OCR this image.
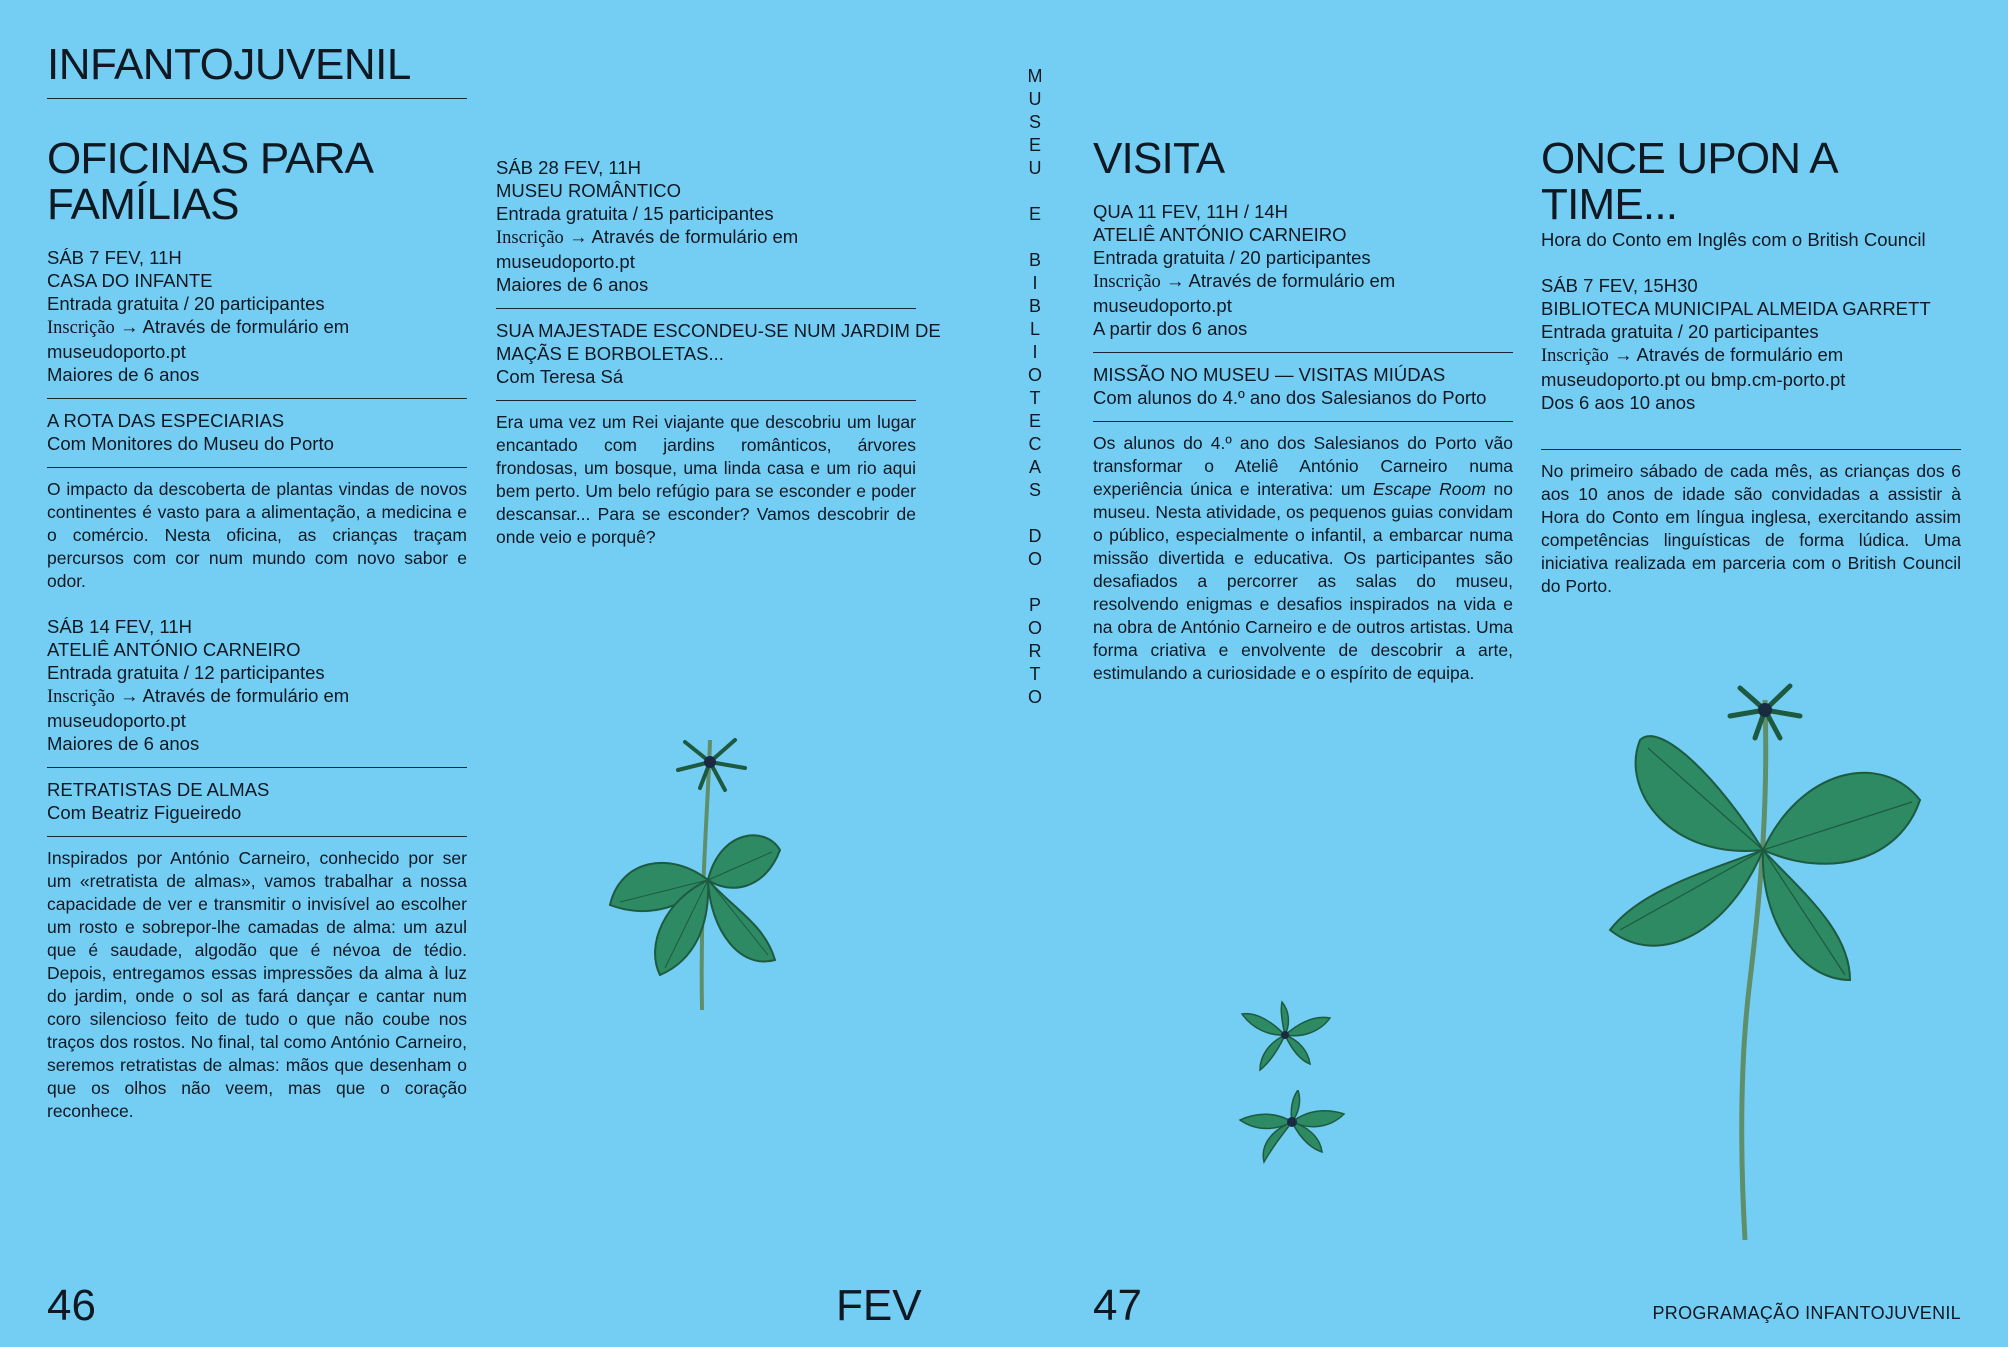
INFANTOJUVENIL
OFICINAS PARA
FAMÍLIAS
SÁB 7 FEV, 11H
CASA DO INFANTE
Entrada gratuita / 20 participantes
Inscrição → Através de formulário em
museudoporto.pt
Maiores de 6 anos
A ROTA DAS ESPECIARIAS
Com Monitores do Museu do Porto

O impacto da descoberta de plantas vindas de novos continentes é vasto para a alimentação, a medicina e o comércio. Nesta oficina, as crianças traçam percursos com cor num mundo com novo sabor e odor.

SÁB 14 FEV, 11H
ATELIÊ ANTÓNIO CARNEIRO
Entrada gratuita / 12 participantes
Inscrição → Através de formulário em
museudoporto.pt
Maiores de 6 anos
RETRATISTAS DE ALMAS
Com Beatriz Figueiredo

Inspirados por António Carneiro, conhecido por ser um «retratista de almas», vamos trabalhar a nossa capacidade de ver e transmitir o invisível ao escolher um rosto e sobrepor-lhe camadas de alma: um azul que é saudade, algodão que é névoa de tédio. Depois, entregamos essas impressões da alma à luz do jardim, onde o sol as fará dançar e cantar num coro silencioso feito de tudo o que não coube nos traços dos rostos. No final, tal como António Carneiro, seremos retratistas de almas: mãos que desenham o que os olhos não veem, mas que o coração reconhece.

SÁB 28 FEV, 11H
MUSEU ROMÂNTICO
Entrada gratuita / 15 participantes
Inscrição → Através de formulário em
museudoporto.pt
Maiores de 6 anos
SUA MAJESTADE ESCONDEU-SE NUM JARDIM DE
MAÇÃS E BORBOLETAS...
Com Teresa Sá

Era uma vez um Rei viajante que descobriu um lugar encantado com jardins românticos, árvores frondosas, um bosque, uma linda casa e um rio aqui bem perto. Um belo refúgio para se esconder e poder descansar... Para se esconder? Vamos descobrir de onde veio e porquê?

M
U
S
E
U
E
B
I
B
L
I
O
T
E
C
A
S
D
O
P
O
R
T
O
VISITA
QUA 11 FEV, 11H / 14H
ATELIÊ ANTÓNIO CARNEIRO
Entrada gratuita / 20 participantes
Inscrição → Através de formulário em
museudoporto.pt
A partir dos 6 anos
MISSÃO NO MUSEU — VISITAS MIÚDAS
Com alunos do 4.º ano dos Salesianos do Porto

Os alunos do 4.º ano dos Salesianos do Porto vão transformar o Ateliê António Carneiro numa experiência única e interativa: um Escape Room no museu. Nesta atividade, os pequenos guias convidam o público, especialmente o infantil, a embarcar numa missão divertida e educativa. Os participantes são desafiados a percorrer as salas do museu, resolvendo enigmas e desafios inspirados na vida e na obra de António Carneiro e de outros artistas. Uma forma criativa e envolvente de descobrir a arte, estimulando a curiosidade e o espírito de equipa.

ONCE UPON A TIME...
Hora do Conto em Inglês com o British Council
SÁB 7 FEV, 15H30
BIBLIOTECA MUNICIPAL ALMEIDA GARRETT
Entrada gratuita / 20 participantes
Inscrição → Através de formulário em
museudoporto.pt ou bmp.cm-porto.pt
Dos 6 aos 10 anos

No primeiro sábado de cada mês, as crianças dos 6 aos 10 anos de idade são convidadas a assistir à Hora do Conto em língua inglesa, exercitando assim competências linguísticas de forma lúdica. Uma iniciativa realizada em parceria com o British Council do Porto.

46	FEV	47	PROGRAMAÇÃO INFANTOJUVENIL
